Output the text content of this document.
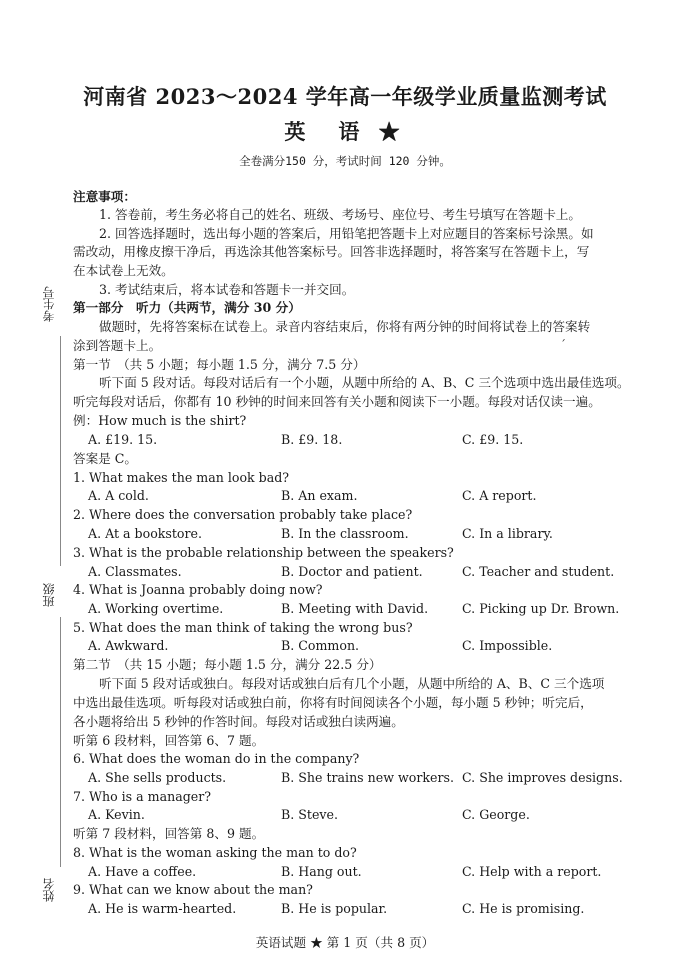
考生号
班级
姓名
河南省 2023～2024 学年高一年级学业质量监测考试
英　语 ★
全卷满分150 分，考试时间 120 分钟。
注意事项：
1. 答卷前，考生务必将自己的姓名、班级、考场号、座位号、考生号填写在答题卡上。
2. 回答选择题时，选出每小题的答案后，用铅笔把答题卡上对应题目的答案标号涂黑。如
需改动，用橡皮擦干净后，再选涂其他答案标号。回答非选择题时，将答案写在答题卡上，写
在本试卷上无效。
3. 考试结束后，将本试卷和答题卡一并交回。
第一部分　听力（共两节，满分 30 分）
做题时，先将答案标在试卷上。录音内容结束后，你将有两分钟的时间将试卷上的答案转
涂到答题卡上。	ˊ
第一节　（共 5 小题；每小题 1.5 分，满分 7.5 分）
听下面 5 段对话。每段对话后有一个小题，从题中所给的 A、B、C 三个选项中选出最佳选项。
听完每段对话后，你都有 10 秒钟的时间来回答有关小题和阅读下一小题。每段对话仅读一遍。
例：How much is the shirt?
A. £19. 15.	B. £9. 18.	C. £9. 15.
答案是 C。
1. What makes the man look bad?
A. A cold.	B. An exam.	C. A report.
2. Where does the conversation probably take place?
A. At a bookstore.	B. In the classroom.	C. In a library.
3. What is the probable relationship between the speakers?
A. Classmates.	B. Doctor and patient.	C. Teacher and student.
4. What is Joanna probably doing now?
A. Working overtime.	B. Meeting with David.	C. Picking up Dr. Brown.
5. What does the man think of taking the wrong bus?
A. Awkward.	B. Common.	C. Impossible.
第二节　（共 15 小题；每小题 1.5 分，满分 22.5 分）
听下面 5 段对话或独白。每段对话或独白后有几个小题，从题中所给的 A、B、C 三个选项
中选出最佳选项。听每段对话或独白前，你将有时间阅读各个小题，每小题 5 秒钟；听完后，
各小题将给出 5 秒钟的作答时间。每段对话或独白读两遍。
听第 6 段材料，回答第 6、7 题。
6. What does the woman do in the company?
A. She sells products.	B. She trains new workers. C. She improves designs.
7. Who is a manager?
A. Kevin.	B. Steve.	C. George.
听第 7 段材料，回答第 8、9 题。
8. What is the woman asking the man to do?
A. Have a coffee.	B. Hang out.	C. Help with a report.
9. What can we know about the man?
A. He is warm-hearted.	B. He is popular.	C. He is promising.
英语试题 ★ 第 1 页（共 8 页）
